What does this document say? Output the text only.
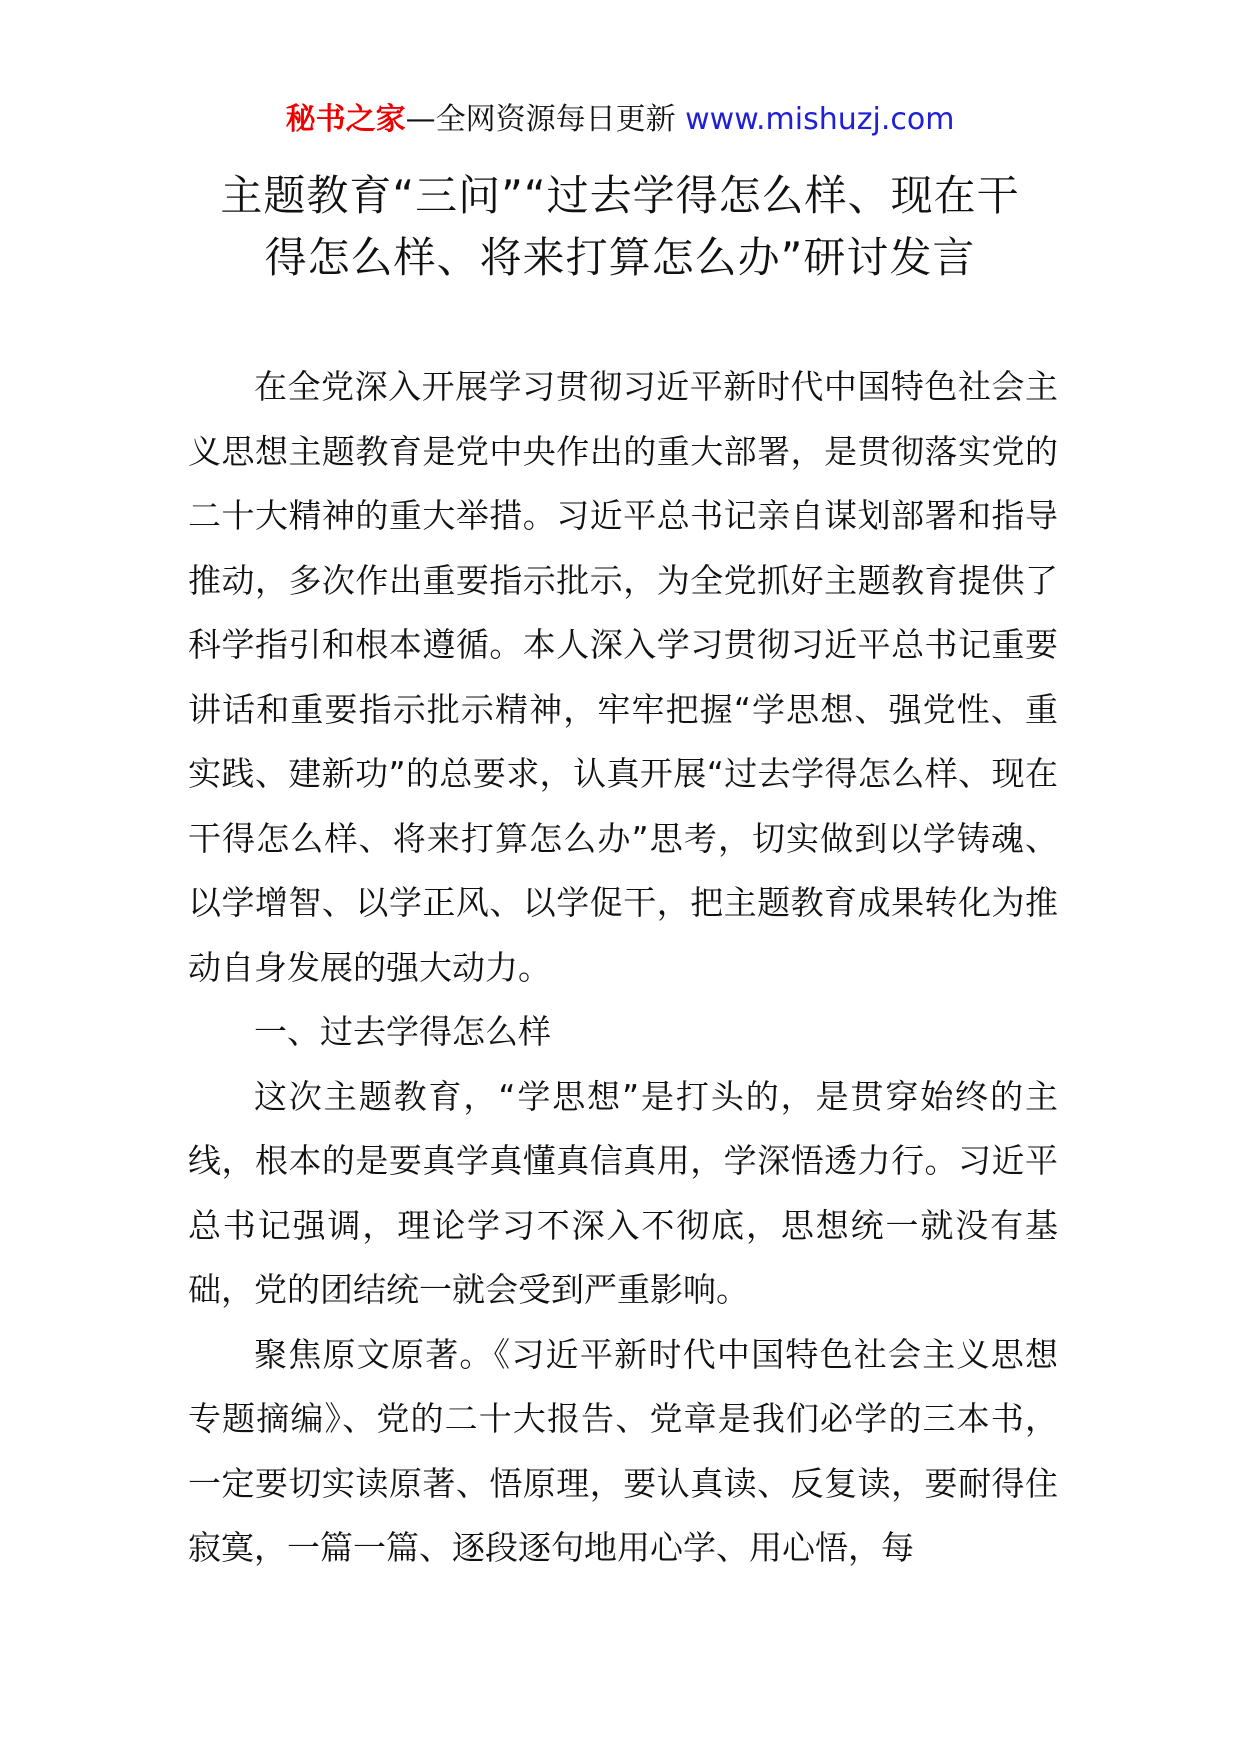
秘书之家—全网资源每日更新 www.mishuzj.com
主题教育“三问”“过去学得怎么样、现在干
得怎么样、将来打算怎么办”研讨发言

在全党深入开展学习贯彻习近平新时代中国特色社会主义思想主题教育是党中央作出的重大部署，是贯彻落实党的二十大精神的重大举措。习近平总书记亲自谋划部署和指导推动，多次作出重要指示批示，为全党抓好主题教育提供了科学指引和根本遵循。本人深入学习贯彻习近平总书记重要讲话和重要指示批示精神，牢牢把握“学思想、强党性、重实践、建新功”的总要求，认真开展“过去学得怎么样、现在干得怎么样、将来打算怎么办”思考，切实做到以学铸魂、以学增智、以学正风、以学促干，把主题教育成果转化为推动自身发展的强大动力。

一、过去学得怎么样

这次主题教育，“学思想”是打头的，是贯穿始终的主线，根本的是要真学真懂真信真用，学深悟透力行。习近平总书记强调，理论学习不深入不彻底，思想统一就没有基础，党的团结统一就会受到严重影响。

聚焦原文原著。《习近平新时代中国特色社会主义思想专题摘编》、党的二十大报告、党章是我们必学的三本书，一定要切实读原著、悟原理，要认真读、反复读，要耐得住寂寞，一篇一篇、逐段逐句地用心学、用心悟，每
